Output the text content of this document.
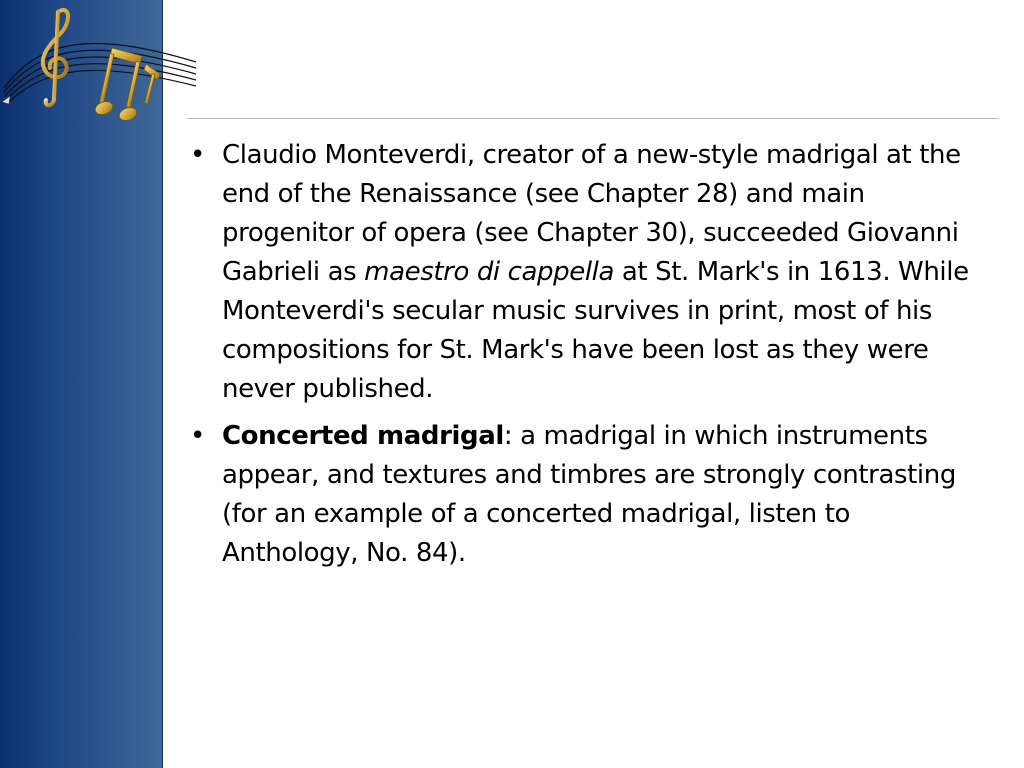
• Claudio Monteverdi, creator of a new-style madrigal at the end of the Renaissance (see Chapter 28) and main progenitor of opera (see Chapter 30), succeeded Giovanni Gabrieli as maestro di cappella at St. Mark's in 1613. While Monteverdi's secular music survives in print, most of his compositions for St. Mark's have been lost as they were never published.
• Concerted madrigal: a madrigal in which instruments appear, and textures and timbres are strongly contrasting (for an example of a concerted madrigal, listen to Anthology, No. 84).
